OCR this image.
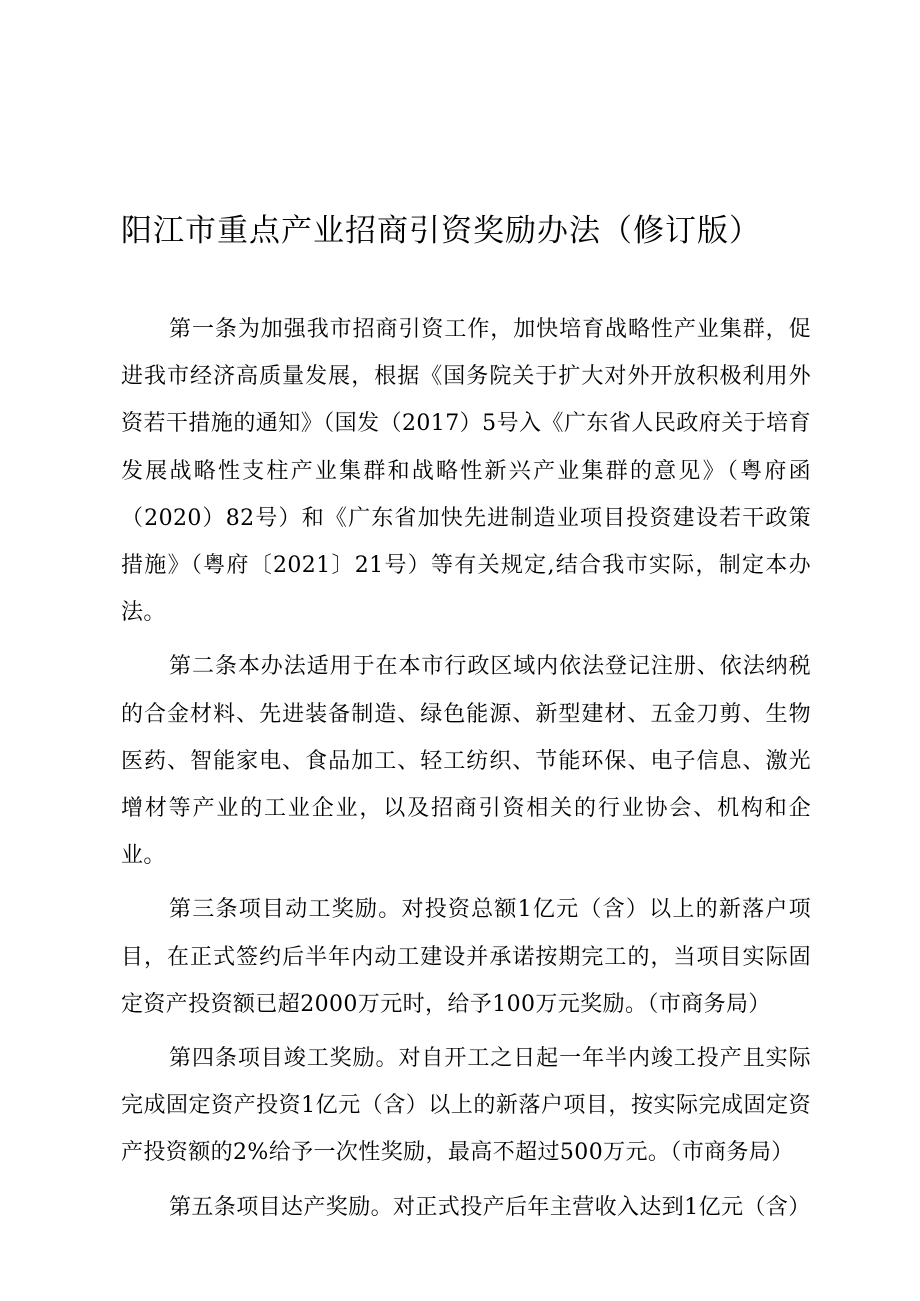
阳江市重点产业招商引资奖励办法（修订版）

第一条为加强我市招商引资工作，加快培育战略性产业集群，促进我市经济高质量发展，根据《国务院关于扩大对外开放积极利用外资若干措施的通知》（国发（2017）5号入《广东省人民政府关于培育发展战略性支柱产业集群和战略性新兴产业集群的意见》（粤府函（2020）82号）和《广东省加快先进制造业项目投资建设若干政策措施》（粤府〔2021〕21号）等有关规定,结合我市实际，制定本办法。

第二条本办法适用于在本市行政区域内依法登记注册、依法纳税的合金材料、先进装备制造、绿色能源、新型建材、五金刀剪、生物医药、智能家电、食品加工、轻工纺织、节能环保、电子信息、激光增材等产业的工业企业，以及招商引资相关的行业协会、机构和企业。

第三条项目动工奖励。对投资总额1亿元（含）以上的新落户项目，在正式签约后半年内动工建设并承诺按期完工的，当项目实际固定资产投资额已超2000万元时，给予100万元奖励。（市商务局）

第四条项目竣工奖励。对自开工之日起一年半内竣工投产且实际完成固定资产投资1亿元（含）以上的新落户项目，按实际完成固定资产投资额的2%给予一次性奖励，最高不超过500万元。（市商务局）

第五条项目达产奖励。对正式投产后年主营收入达到1亿元（含）
